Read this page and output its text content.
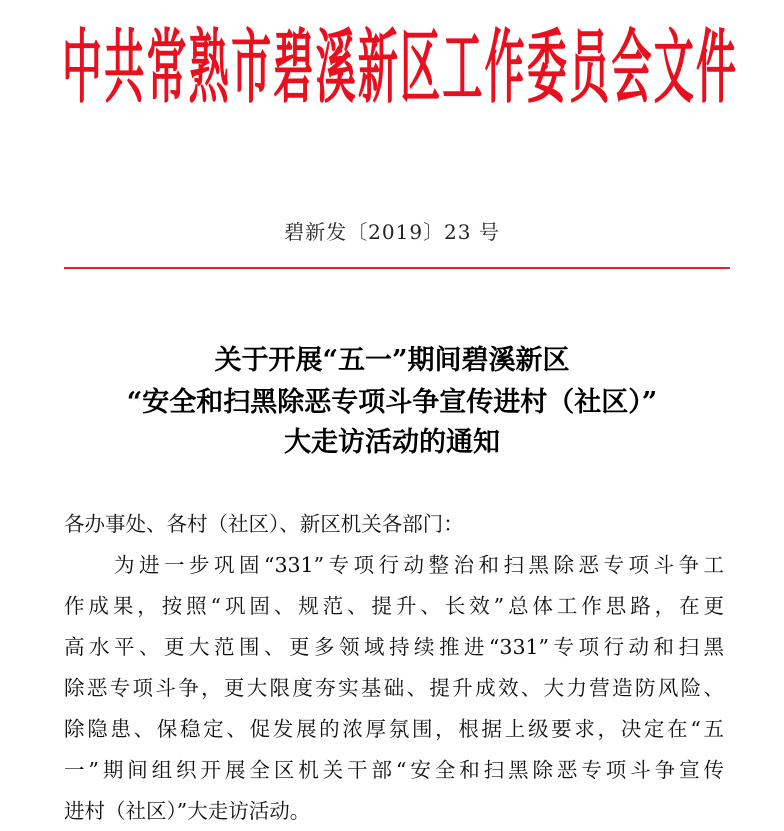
中 共 常 熟 市 碧 溪 新 区 工 作 委 员 会 文 件
碧新发〔2019〕23 号
关于开展“五一”期间碧溪新区
“安全和扫黑除恶专项斗争宣传进村（社区）”
大走访活动的通知
各办事处、各村（社区）、新区机关各部门：
　　为进一步巩固“331”专项行动整治和扫黑除恶专项斗争工
作成果，按照“巩固、规范、提升、长效”总体工作思路，在更
高水平、更大范围、更多领域持续推进“331”专项行动和扫黑
除恶专项斗争，更大限度夯实基础、提升成效、大力营造防风险、
除隐患、保稳定、促发展的浓厚氛围，根据上级要求，决定在“五
一”期间组织开展全区机关干部“安全和扫黑除恶专项斗争宣传
进村（社区）”大走访活动。
